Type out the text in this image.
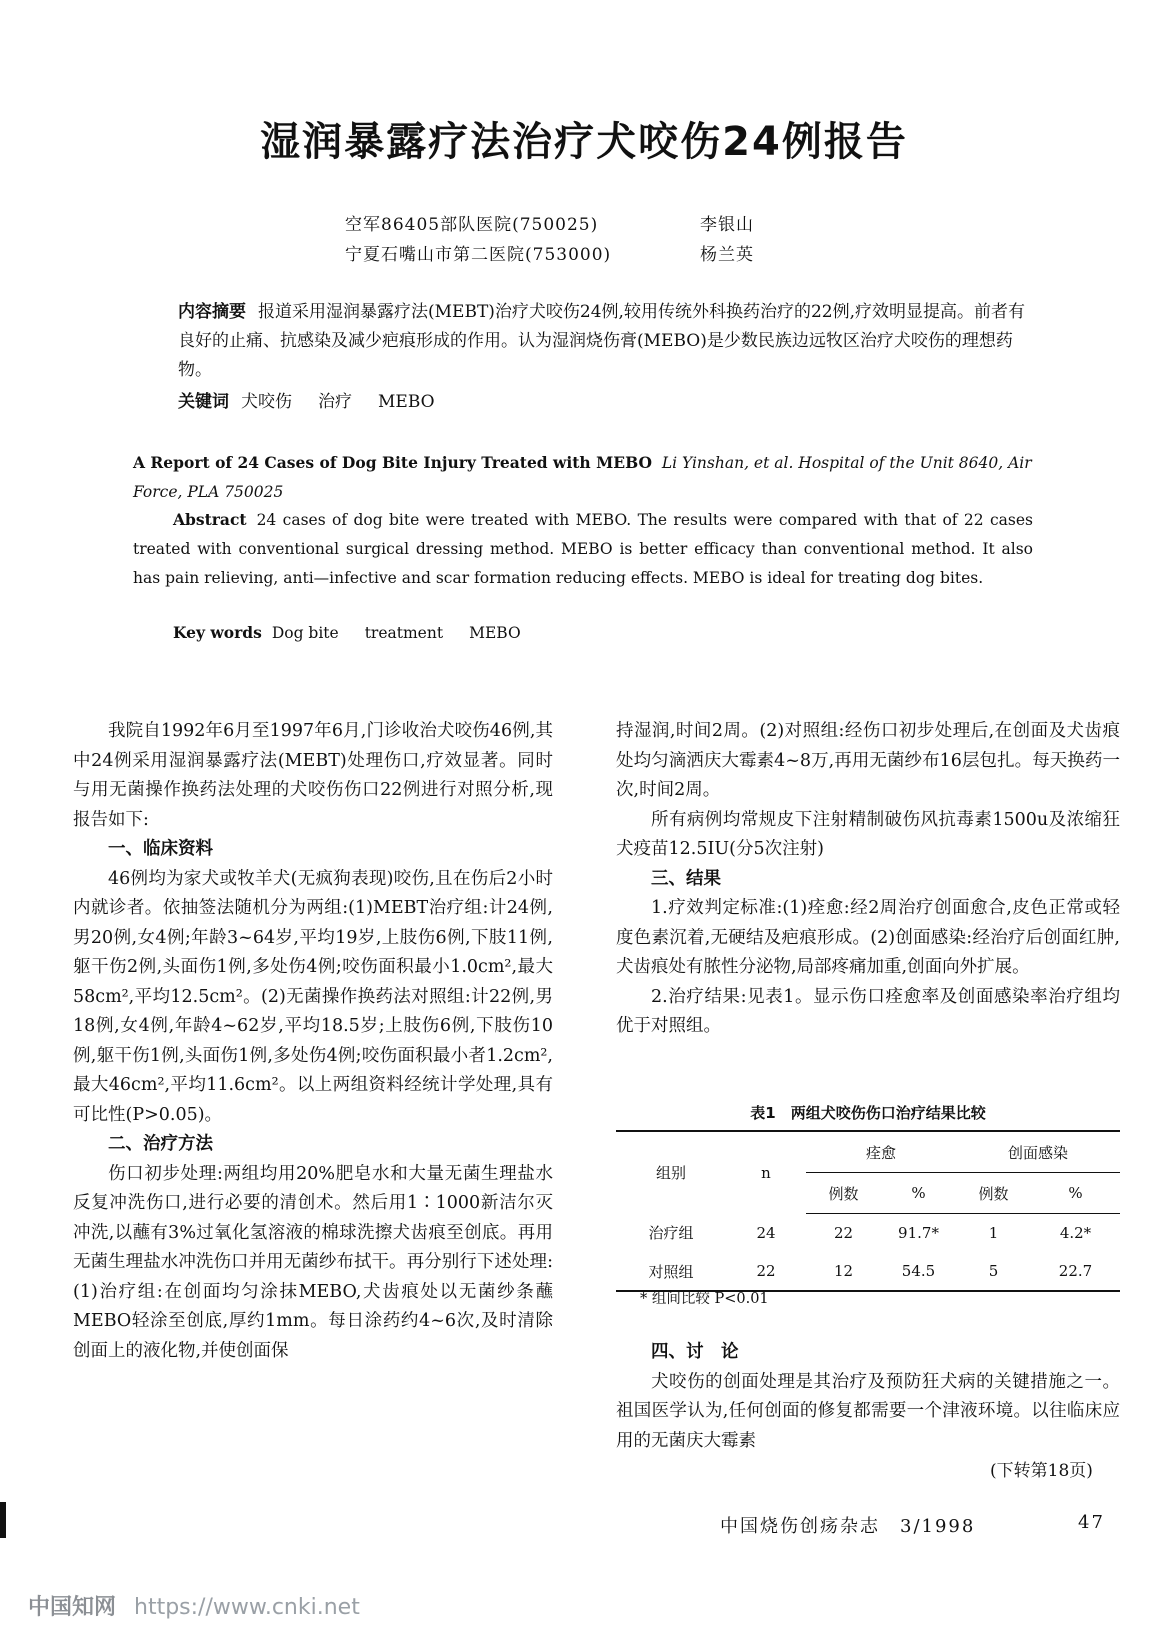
湿润暴露疗法治疗犬咬伤24例报告
空军86405部队医院(750025)	李银山
宁夏石嘴山市第二医院(753000)	杨兰英
内容摘要 报道采用湿润暴露疗法(MEBT)治疗犬咬伤24例,较用传统外科换药治疗的22例,疗效明显提高。前者有良好的止痛、抗感染及减少疤痕形成的作用。认为湿润烧伤膏(MEBO)是少数民族边远牧区治疗犬咬伤的理想药物。
关键词 犬咬伤 治疗 MEBO
A Report of 24 Cases of Dog Bite Injury Treated with MEBO Li Yinshan, et al. Hospital of the Unit 8640, Air Force, PLA 750025
Abstract 24 cases of dog bite were treated with MEBO. The results were compared with that of 22 cases treated with conventional surgical dressing method. MEBO is better efficacy than conventional method. It also has pain relieving, anti—infective and scar formation reducing effects. MEBO is ideal for treating dog bites.
Key words Dog bite treatment MEBO

我院自1992年6月至1997年6月,门诊收治犬咬伤46例,其中24例采用湿润暴露疗法(MEBT)处理伤口,疗效显著。同时与用无菌操作换药法处理的犬咬伤伤口22例进行对照分析,现报告如下:

一、临床资料

46例均为家犬或牧羊犬(无疯狗表现)咬伤,且在伤后2小时内就诊者。依抽签法随机分为两组:(1)MEBT治疗组:计24例,男20例,女4例;年龄3~64岁,平均19岁,上肢伤6例,下肢11例,躯干伤2例,头面伤1例,多处伤4例;咬伤面积最小1.0cm²,最大58cm²,平均12.5cm²。(2)无菌操作换药法对照组:计22例,男18例,女4例,年龄4~62岁,平均18.5岁;上肢伤6例,下肢伤10例,躯干伤1例,头面伤1例,多处伤4例;咬伤面积最小者1.2cm²,最大46cm²,平均11.6cm²。以上两组资料经统计学处理,具有可比性(P>0.05)。

二、治疗方法

伤口初步处理:两组均用20%肥皂水和大量无菌生理盐水反复冲洗伤口,进行必要的清创术。然后用1∶1000新洁尔灭冲洗,以蘸有3%过氧化氢溶液的棉球洗擦犬齿痕至创底。再用无菌生理盐水冲洗伤口并用无菌纱布拭干。再分别行下述处理:(1)治疗组:在创面均匀涂抹MEBO,犬齿痕处以无菌纱条蘸MEBO轻涂至创底,厚约1mm。每日涂药约4~6次,及时清除创面上的液化物,并使创面保

持湿润,时间2周。(2)对照组:经伤口初步处理后,在创面及犬齿痕处均匀滴洒庆大霉素4~8万,再用无菌纱布16层包扎。每天换药一次,时间2周。

所有病例均常规皮下注射精制破伤风抗毒素1500u及浓缩狂犬疫苗12.5IU(分5次注射)

三、结果

1.疗效判定标准:(1)痊愈:经2周治疗创面愈合,皮色正常或轻度色素沉着,无硬结及疤痕形成。(2)创面感染:经治疗后创面红肿,犬齿痕处有脓性分泌物,局部疼痛加重,创面向外扩展。

2.治疗结果:见表1。显示伤口痊愈率及创面感染率治疗组均优于对照组。

表1　两组犬咬伤伤口治疗结果比较
组别	n	痊愈		创面感染	
		例数	%	例数	%
治疗组	24	22	91.7*	1	4.2*
对照组	22	12	54.5	5	22.7
* 组间比较 P<0.01

四、讨　论

犬咬伤的创面处理是其治疗及预防狂犬病的关键措施之一。祖国医学认为,任何创面的修复都需要一个津液环境。以往临床应用的无菌庆大霉素

(下转第18页)
中国烧伤创疡杂志　3/1998	47
中国知网 https://www.cnki.net
